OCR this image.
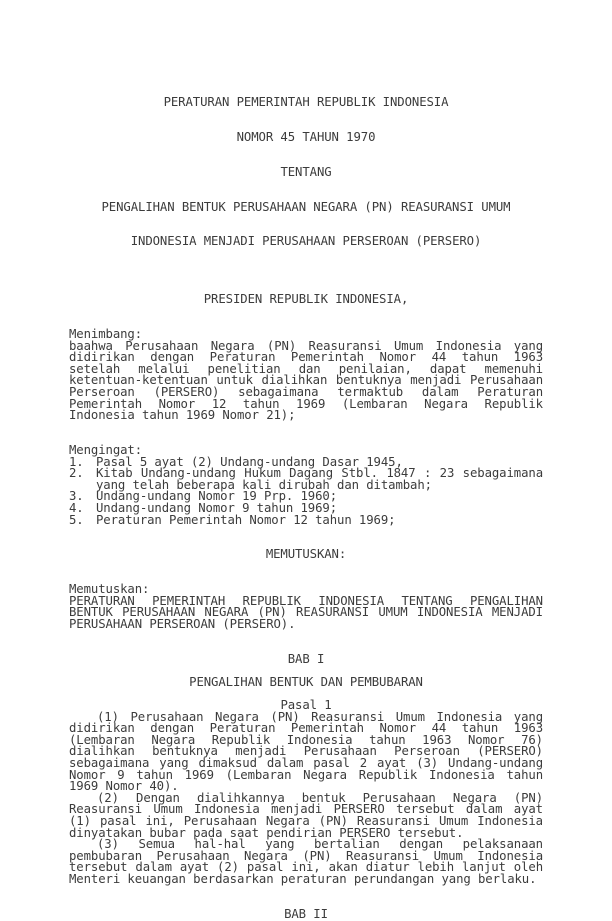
PERATURAN PEMERINTAH REPUBLIK INDONESIA

NOMOR 45 TAHUN 1970

TENTANG

PENGALIHAN BENTUK PERUSAHAAN NEGARA (PN) REASURANSI UMUM

INDONESIA MENJADI PERUSAHAAN PERSEROAN (PERSERO)

PRESIDEN REPUBLIK INDONESIA,
Menimbang:
baahwa Perusahaan Negara (PN) Reasuransi Umum Indonesia yang didirikan dengan Peraturan Pemerintah Nomor 44 tahun 1963 setelah melalui penelitian dan penilaian, dapat memenuhi ketentuan-ketentuan untuk dialihkan bentuknya menjadi Perusahaan Perseroan (PERSERO) sebagaimana termaktub dalam Peraturan Pemerintah Nomor 12 tahun 1969 (Lembaran Negara Republik Indonesia tahun 1969 Nomor 21);
Mengingat:
1. Pasal 5 ayat (2) Undang-undang Dasar 1945,
2. Kitab Undang-undang Hukum Dagang Stbl. 1847 : 23 sebagaimana yang telah beberapa kali dirubah dan ditambah;
3. Undang-undang Nomor 19 Prp. 1960;
4. Undang-undang Nomor 9 tahun 1969;
5. Peraturan Pemerintah Nomor 12 tahun 1969;
MEMUTUSKAN:
Memutuskan:
PERATURAN PEMERINTAH REPUBLIK INDONESIA TENTANG PENGALIHAN BENTUK PERUSAHAAN NEGARA (PN) REASURANSI UMUM INDONESIA MENJADI PERUSAHAAN PERSEROAN (PERSERO).
BAB I
PENGALIHAN BENTUK DAN PEMBUBARAN
Pasal 1
(1) Perusahaan Negara (PN) Reasuransi Umum Indonesia yang didirikan dengan Peraturan Pemerintah Nomor 44 tahun 1963 (Lembaran Negara Republik Indonesia tahun 1963 Nomor 76) dialihkan bentuknya menjadi Perusahaan Perseroan (PERSERO) sebagaimana yang dimaksud dalam pasal 2 ayat (3) Undang-undang Nomor 9 tahun 1969 (Lembaran Negara Republik Indonesia tahun 1969 Nomor 40).
(2) Dengan dialihkannya bentuk Perusahaan Negara (PN) Reasuransi Umum Indonesia menjadi PERSERO tersebut dalam ayat (1) pasal ini, Perusahaan Negara (PN) Reasuransi Umum Indonesia dinyatakan bubar pada saat pendirian PERSERO tersebut.
(3) Semua hal-hal yang bertalian dengan pelaksanaan pembubaran Perusahaan Negara (PN) Reasuransi Umum Indonesia tersebut dalam ayat (2) pasal ini, akan diatur lebih lanjut oleh Menteri keuangan berdasarkan peraturan perundangan yang berlaku.
BAB II
